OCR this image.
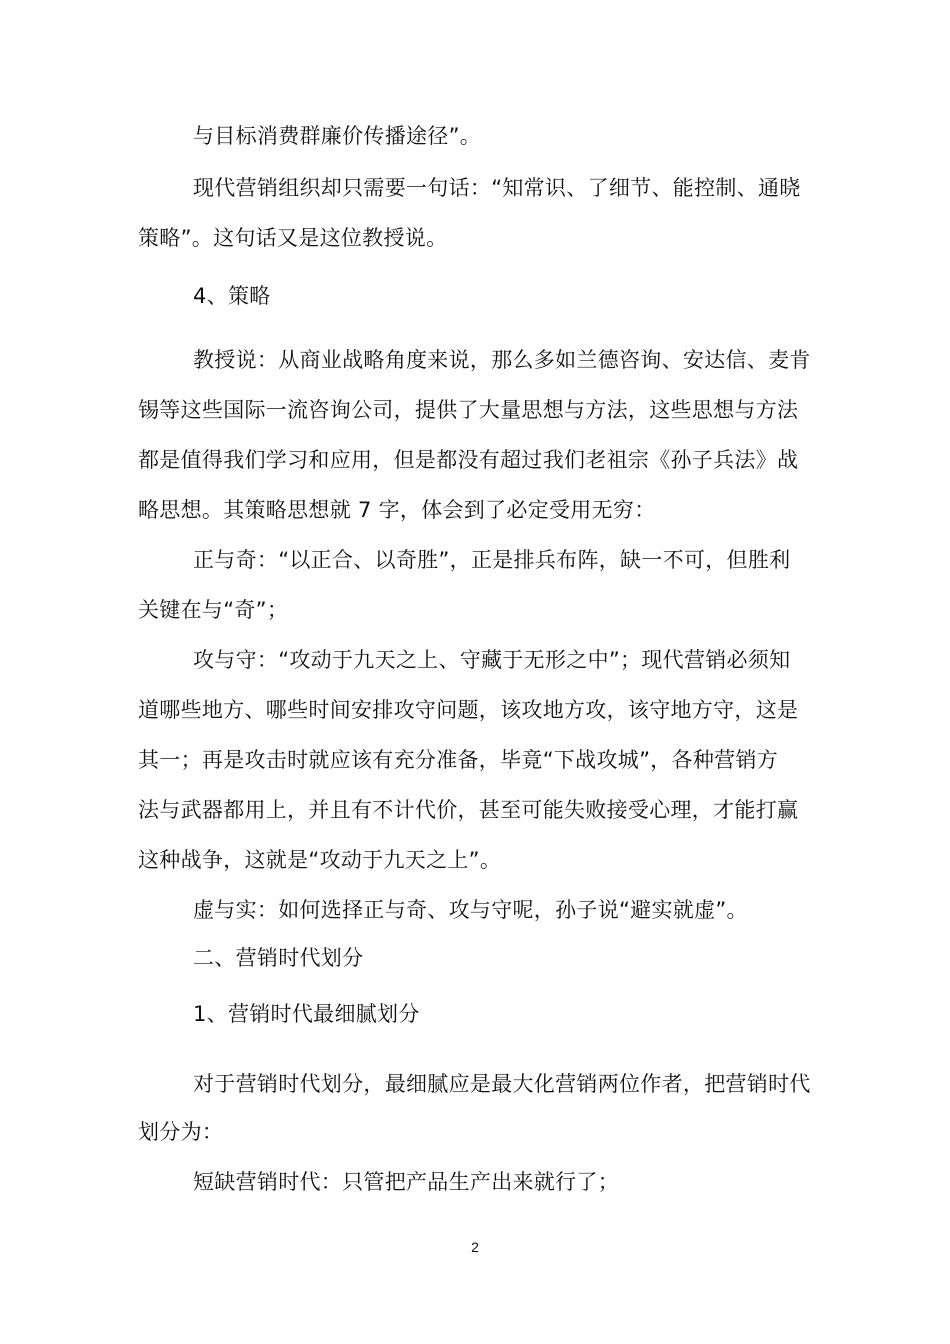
与目标消费群廉价传播途径”。
现代营销组织却只需要一句话：“知常识、了细节、能控制、通晓
策略”。这句话又是这位教授说。
4、策略
教授说：从商业战略角度来说，那么多如兰德咨询、安达信、麦肯
锡等这些国际一流咨询公司，提供了大量思想与方法，这些思想与方法
都是值得我们学习和应用，但是都没有超过我们老祖宗《孙子兵法》战
略思想。其策略思想就 7 字，体会到了必定受用无穷：
正与奇：“以正合、以奇胜”，正是排兵布阵，缺一不可，但胜利
关键在与“奇”；
攻与守：“攻动于九天之上、守藏于无形之中”；现代营销必须知
道哪些地方、哪些时间安排攻守问题，该攻地方攻，该守地方守，这是
其一；再是攻击时就应该有充分准备，毕竟“下战攻城”，各种营销方
法与武器都用上，并且有不计代价，甚至可能失败接受心理，才能打赢
这种战争，这就是“攻动于九天之上”。
虚与实：如何选择正与奇、攻与守呢，孙子说“避实就虚”。
二、营销时代划分
1、营销时代最细腻划分
对于营销时代划分，最细腻应是最大化营销两位作者，把营销时代
划分为：
短缺营销时代：只管把产品生产出来就行了；
2
